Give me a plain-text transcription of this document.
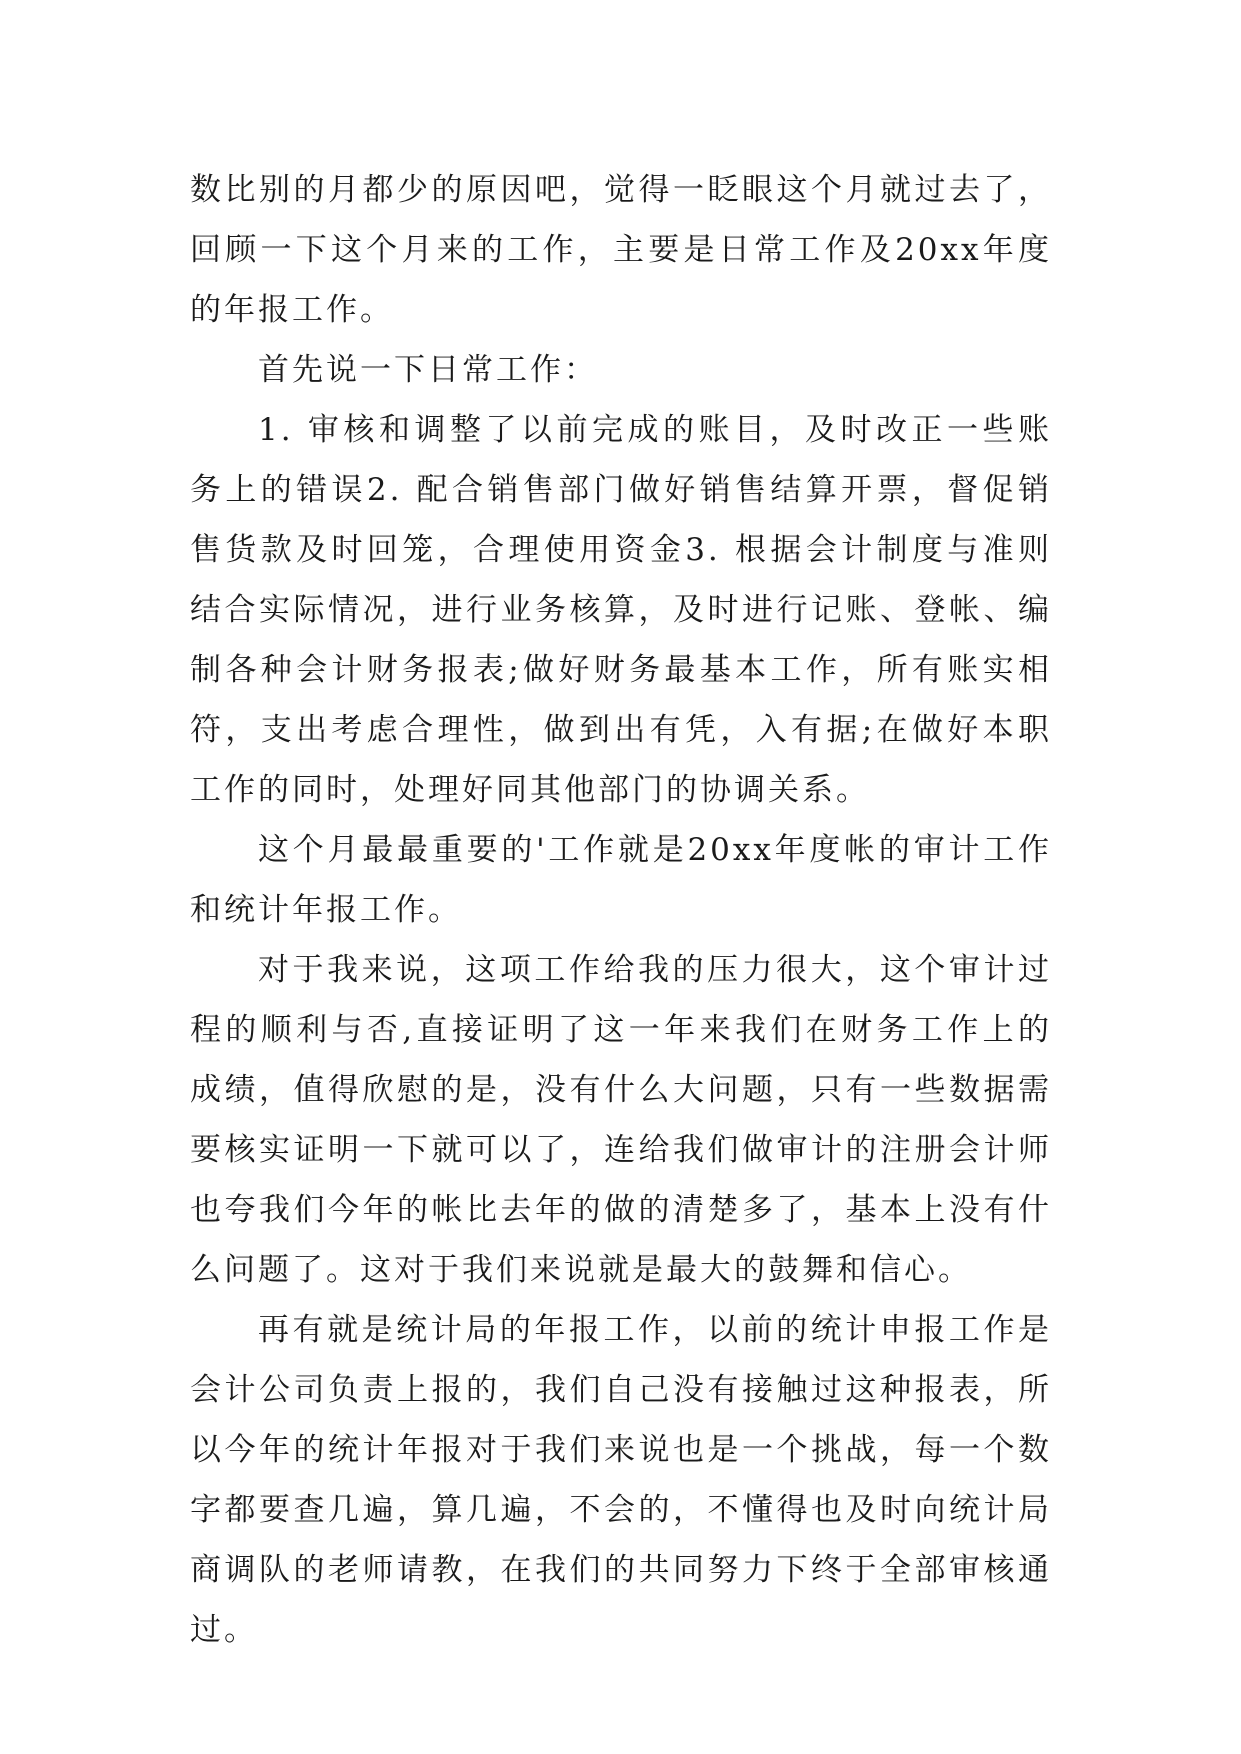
数比别的月都少的原因吧，觉得一眨眼这个月就过去了，回顾一下这个月来的工作，主要是日常工作及20xx年度的年报工作。

首先说一下日常工作：

1. 审核和调整了以前完成的账目，及时改正一些账务上的错误2. 配合销售部门做好销售结算开票，督促销售货款及时回笼，合理使用资金3. 根据会计制度与准则结合实际情况，进行业务核算，及时进行记账、登帐、编制各种会计财务报表;做好财务最基本工作，所有账实相符，支出考虑合理性，做到出有凭，入有据;在做好本职工作的同时，处理好同其他部门的协调关系。

这个月最最重要的'工作就是20xx年度帐的审计工作和统计年报工作。

对于我来说，这项工作给我的压力很大，这个审计过程的顺利与否,直接证明了这一年来我们在财务工作上的成绩，值得欣慰的是，没有什么大问题，只有一些数据需要核实证明一下就可以了，连给我们做审计的注册会计师也夸我们今年的帐比去年的做的清楚多了，基本上没有什么问题了。这对于我们来说就是最大的鼓舞和信心。

再有就是统计局的年报工作，以前的统计申报工作是会计公司负责上报的，我们自己没有接触过这种报表，所以今年的统计年报对于我们来说也是一个挑战，每一个数字都要查几遍，算几遍，不会的，不懂得也及时向统计局商调队的老师请教，在我们的共同努力下终于全部审核通过。
